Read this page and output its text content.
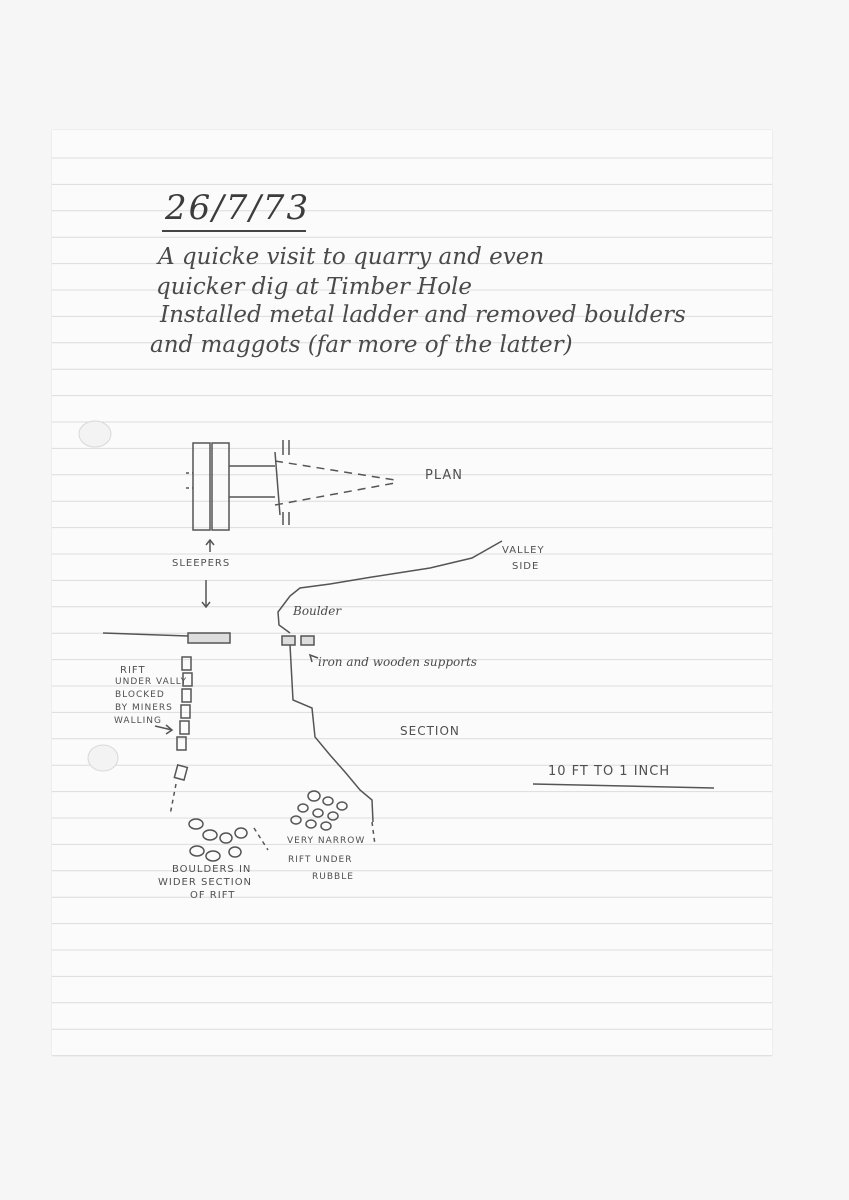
26/7/73
A quicke visit to quarry and even
quicker dig at Timber Hole
Installed metal ladder and removed boulders
and maggots (far more of the latter)
PLAN
SLEEPERS
VALLEY
SIDE
Boulder
iron and wooden supports
SECTION
10 FT TO 1 INCH
RIFT
UNDER VALLY
BLOCKED
BY MINERS
WALLING
BOULDERS IN
WIDER SECTION
OF RIFT
VERY NARROW
RIFT UNDER
RUBBLE
